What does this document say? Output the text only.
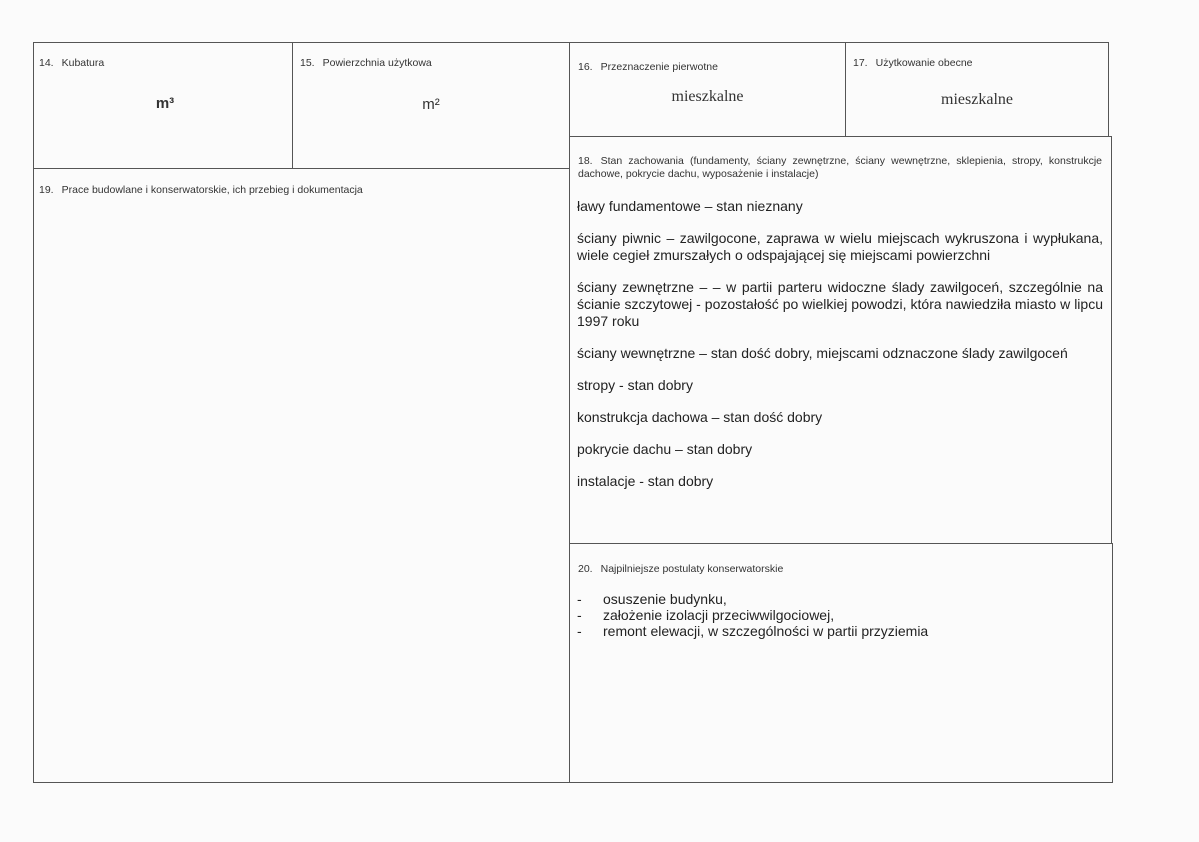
14. Kubatura
m³
15. Powierzchnia użytkowa
m²
16. Przeznaczenie pierwotne
mieszkalne
17. Użytkowanie obecne
mieszkalne
18. Stan zachowania (fundamenty, ściany zewnętrzne, ściany wewnętrzne, sklepienia, stropy, konstrukcje dachowe, pokrycie dachu, wyposażenie i instalacje)
ławy fundamentowe – stan nieznany
ściany piwnic – zawilgocone, zaprawa w wielu miejscach wykruszona i wypłukana, wiele cegieł zmurszałych o odspajającej się miejscami powierzchni
ściany zewnętrzne – – w partii parteru widoczne ślady zawilgoceń, szczególnie na ścianie szczytowej - pozostałość po wielkiej powodzi, która nawiedziła miasto w lipcu 1997 roku
ściany wewnętrzne – stan dość dobry, miejscami odznaczone ślady zawilgoceń
stropy - stan dobry
konstrukcja dachowa – stan dość dobry
pokrycie dachu – stan dobry
instalacje - stan dobry
19. Prace budowlane i konserwatorskie, ich przebieg i dokumentacja
20. Najpilniejsze postulaty konserwatorskie
-	osuszenie budynku,
-	założenie izolacji przeciwwilgociowej,
-	remont elewacji, w szczególności w partii przyziemia
